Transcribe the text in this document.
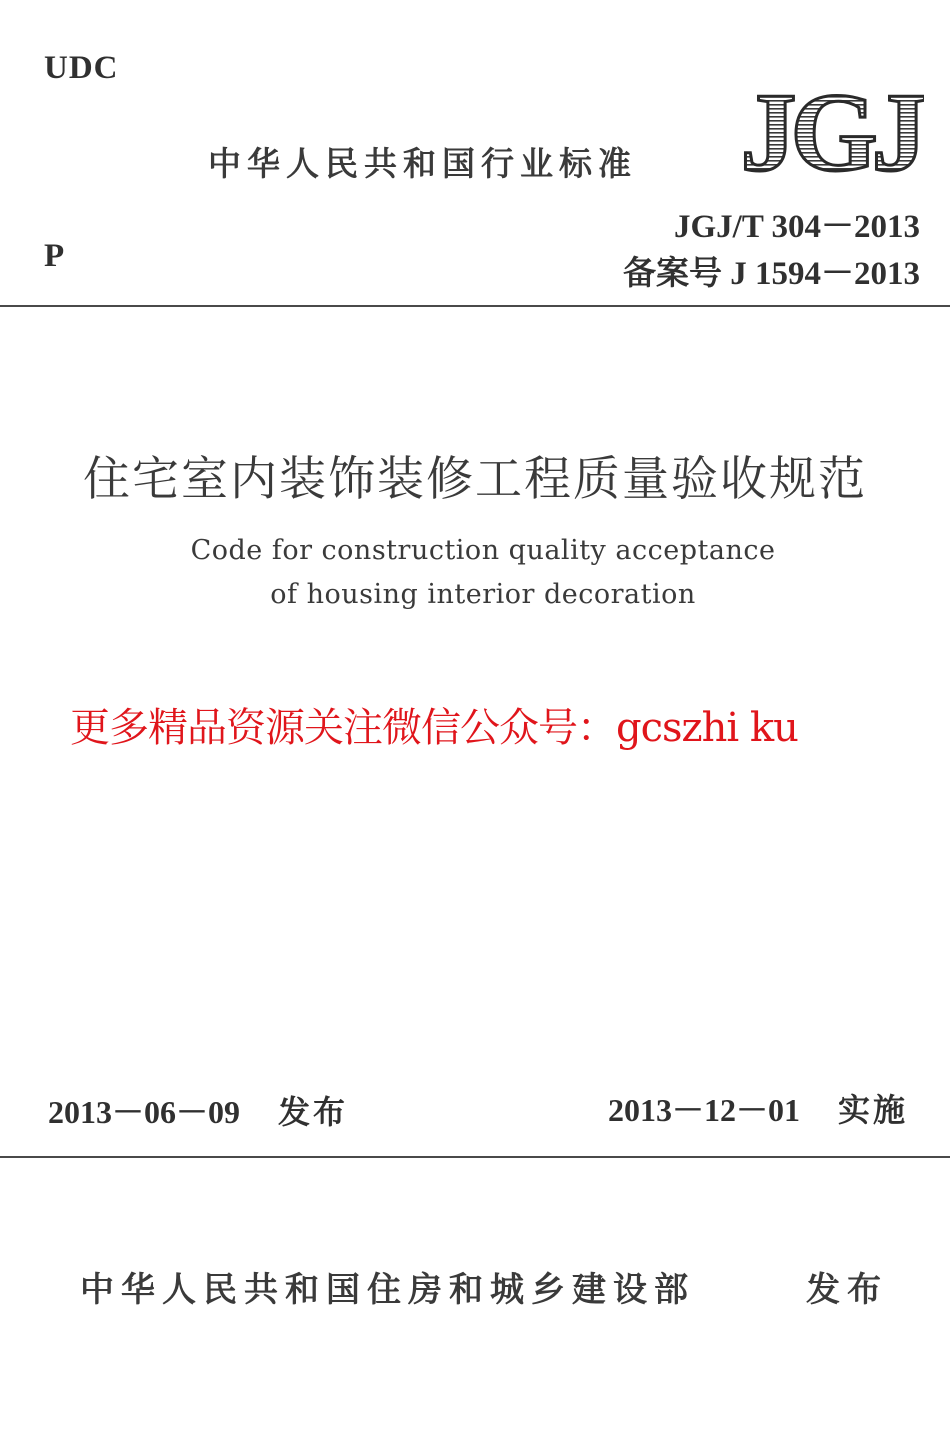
UDC
中华人民共和国行业标准 JGJ
P
JGJ/T 304－2013
备案号 J 1594－2013
住宅室内装饰装修工程质量验收规范
Code for construction quality acceptance
of housing interior decoration
更多精品资源关注微信公众号：gcszhi ku
2013－06－09 发布	2013－12－01 实施
中华人民共和国住房和城乡建设部	发布
